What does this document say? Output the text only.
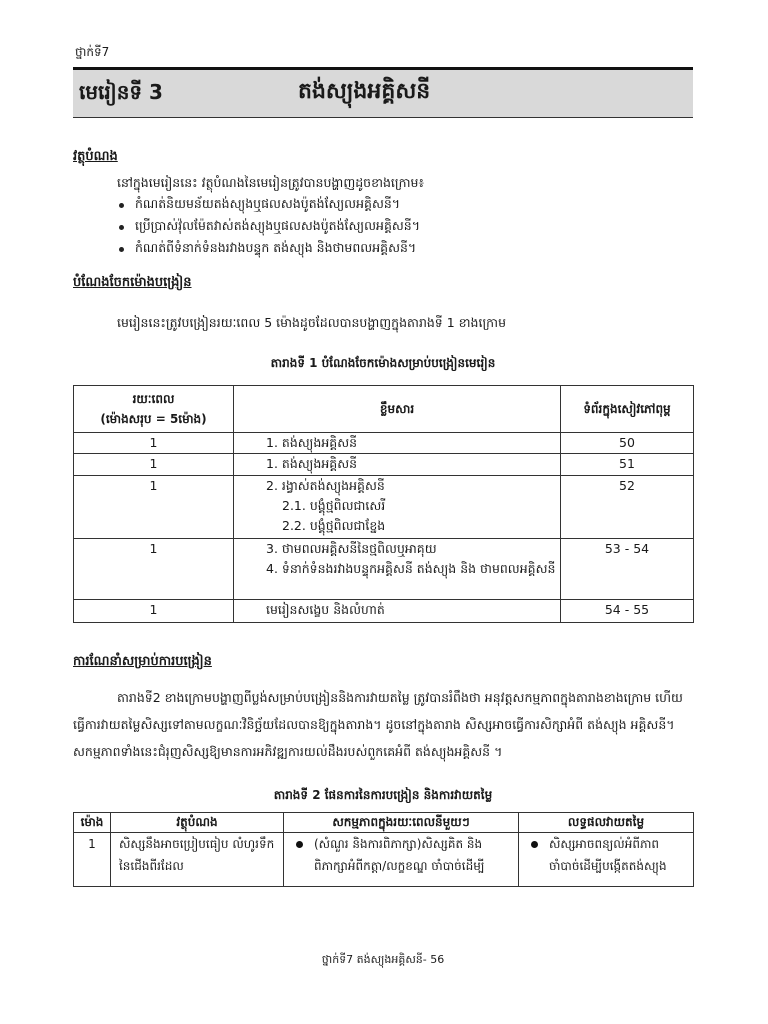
ថ្នាក់ទី7
មេរៀនទី 3	តង់ស្យុងអគ្គិសនី
វត្ថុបំណង
នៅក្នុងមេរៀននេះ វត្ថុបំណងនៃមេរៀនត្រូវបានបង្ហាញដូចខាងក្រោម៖
កំណត់និយមន័យតង់ស្យុងឬផលសងប៉ូតង់ស្យែលអគ្គិសនី។
ប្រើប្រាស់វ៉ុលម៉ែតវាស់តង់ស្យុងឬផលសងប៉ូតង់ស្យែលអគ្គិសនី។
កំណត់ពីទំនាក់ទំនងរវាងបន្ទុក តង់ស្យុង និងថាមពលអគ្គិសនី។
បំណែងចែកម៉ោងបង្រៀន
មេរៀននេះត្រូវបង្រៀនរយៈពេល 5 ម៉ោងដូចដែលបានបង្ហាញក្នុងតារាងទី 1 ខាងក្រោម
តារាងទី 1 បំណែងចែកម៉ោងសម្រាប់បង្រៀនមេរៀន
រយៈពេល
(ម៉ោងសរុប = 5ម៉ោង)	ខ្លឹមសារ	ទំព័រក្នុងសៀវភៅពុម្ព
1	1. តង់ស្យុងអគ្គិសនី	50
1	1. តង់ស្យុងអគ្គិសនី	51
1	2. រង្វាស់តង់ស្យុងអគ្គិសនី
2.1. បង្គុំថ្មពិលជាសេរី
2.2. បង្គុំថ្មពិលជាខ្នែង	52
1	3. ថាមពលអគ្គិសនីនៃថ្មពិលឬអាគុយ
4. ទំនាក់ទំនងរវាងបន្ទុកអគ្គិសនី តង់ស្យុង និង ថាមពលអគ្គិសនី	53 - 54
1	មេរៀនសង្ខេប និងលំហាត់	54 - 55
ការណែនាំសម្រាប់ការបង្រៀន
តារាងទី2 ខាងក្រោមបង្ហាញពីប្លង់សម្រាប់បង្រៀននិងការវាយតម្លៃ ត្រូវបានរំពឹងថា អនុវត្តសកម្មភាពក្នុងតារាងខាងក្រោម ហើយ ធ្វើការវាយតម្លៃសិស្សទៅតាមលក្ខណៈវិនិច្ឆ័យដែលបានឱ្យក្នុងតារាង។ ដូចនៅក្នុងតារាង សិស្សអាចធ្វើការសិក្សាអំពី តង់ស្យុង អគ្គិសនី។ សកម្មភាពទាំងនេះជំរុញសិស្សឱ្យមានការអភិវឌ្ឍការយល់ដឹងរបស់ពួកគេអំពី តង់ស្យុងអគ្គិសនី ។
តារាងទី 2 ផែនការនៃការបង្រៀន និងការវាយតម្លៃ
ម៉ោង	វត្ថុបំណង	សកម្មភាពក្នុងរយៈពេលនីមួយៗ	លទ្ធផលវាយតម្លៃ

1	សិស្សនឹងអាចប្រៀបធៀប លំហូរទឹកនៃជើងពីរដែល	(សំណួរ និងការពិភាក្សា)សិស្សគិត និង ពិភាក្សាអំពីកត្តា/លក្ខខណ្ឌ ចាំបាច់ដើម្បី	សិស្សអាចពន្យល់អំពីភាព ចាំបាច់ដើម្បីបង្កើតតង់ស្យុង
ថ្នាក់ទី7 តង់ស្យុងអគ្គិសនី- 56
